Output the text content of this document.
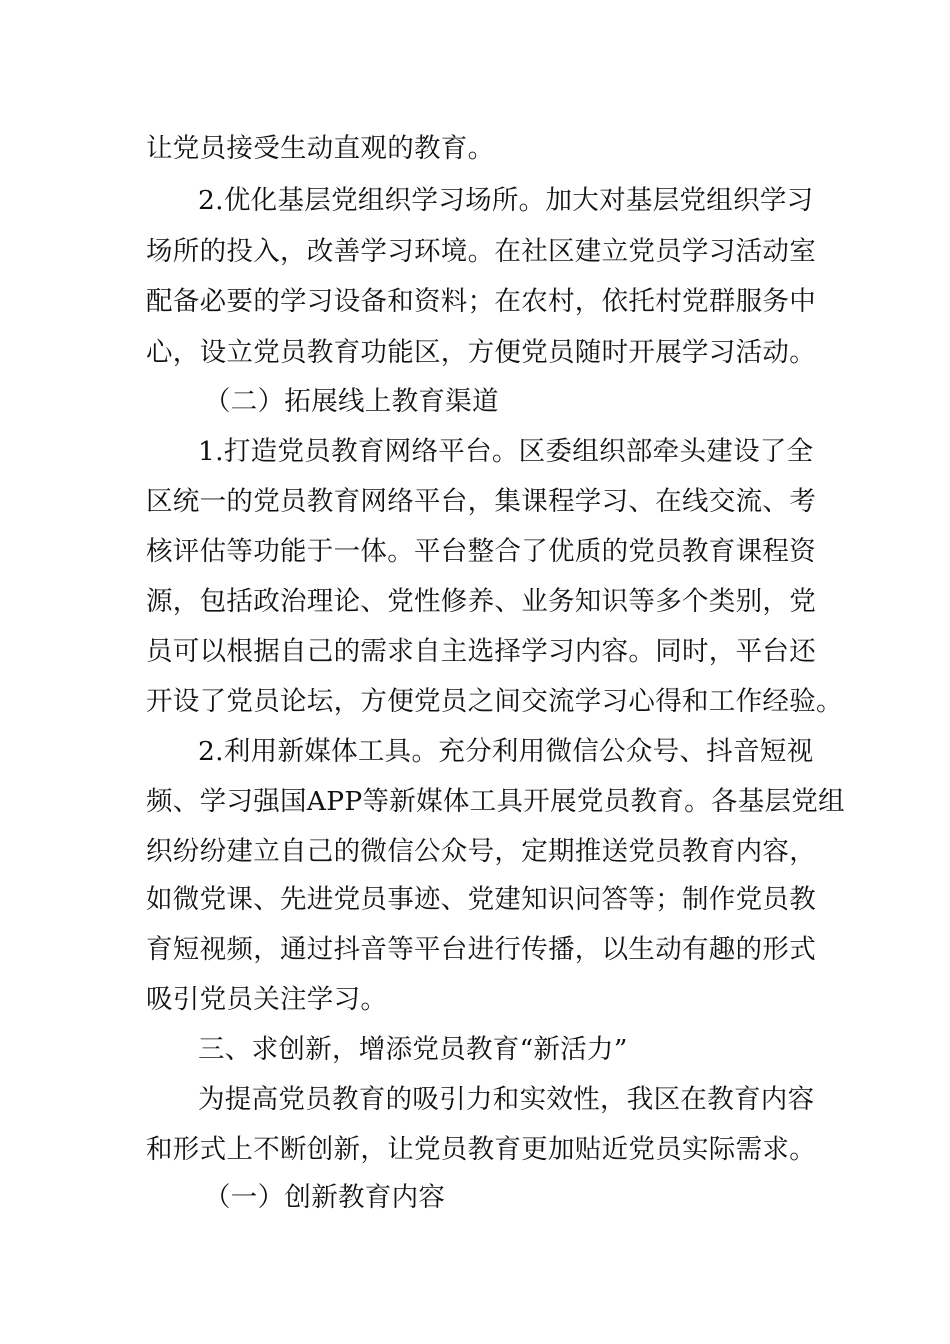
让党员接受生动直观的教育。
2.优化基层党组织学习场所。加大对基层党组织学习
场所的投入，改善学习环境。在社区建立党员学习活动室
配备必要的学习设备和资料；在农村，依托村党群服务中
心，设立党员教育功能区，方便党员随时开展学习活动。
（二）拓展线上教育渠道
1.打造党员教育网络平台。区委组织部牵头建设了全
区统一的党员教育网络平台，集课程学习、在线交流、考
核评估等功能于一体。平台整合了优质的党员教育课程资
源，包括政治理论、党性修养、业务知识等多个类别，党
员可以根据自己的需求自主选择学习内容。同时，平台还
开设了党员论坛，方便党员之间交流学习心得和工作经验。
2.利用新媒体工具。充分利用微信公众号、抖音短视
频、学习强国APP等新媒体工具开展党员教育。各基层党组
织纷纷建立自己的微信公众号，定期推送党员教育内容，
如微党课、先进党员事迹、党建知识问答等；制作党员教
育短视频，通过抖音等平台进行传播，以生动有趣的形式
吸引党员关注学习。
三、求创新，增添党员教育“新活力”
为提高党员教育的吸引力和实效性，我区在教育内容
和形式上不断创新，让党员教育更加贴近党员实际需求。
（一）创新教育内容
